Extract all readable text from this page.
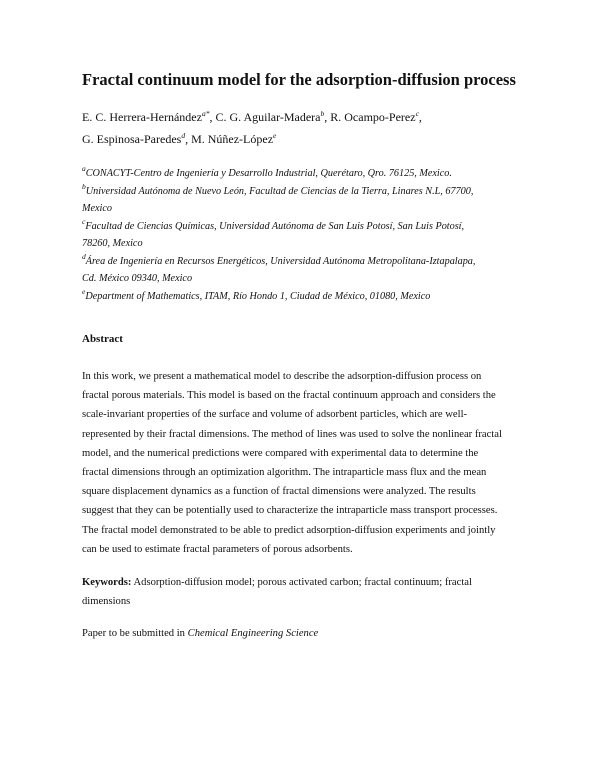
Fractal continuum model for the adsorption-diffusion process
E. C. Herrera-Hernández$^{a*}$, C. G. Aguilar-Madera$^b$, R. Ocampo-Perez$^c$,
G. Espinosa-Paredes$^d$, M. Núñez-López$^e$
$^a$CONACYT-Centro de Ingeniería y Desarrollo Industrial, Querétaro, Qro. 76125, Mexico.
$^b$Universidad Autónoma de Nuevo León, Facultad de Ciencias de la Tierra, Linares N.L, 67700,
Mexico
$^c$Facultad de Ciencias Químicas, Universidad Autónoma de San Luis Potosí, San Luis Potosí,
78260, Mexico
$^d$Área de Ingeniería en Recursos Energéticos, Universidad Autónoma Metropolitana-Iztapalapa,
Cd. México 09340, Mexico
$^e$Department of Mathematics, ITAM, Río Hondo 1, Ciudad de México, 01080, Mexico
Abstract
In this work, we present a mathematical model to describe the adsorption-diffusion process on
fractal porous materials. This model is based on the fractal continuum approach and considers the
scale-invariant properties of the surface and volume of adsorbent particles, which are well-
represented by their fractal dimensions. The method of lines was used to solve the nonlinear fractal
model, and the numerical predictions were compared with experimental data to determine the
fractal dimensions through an optimization algorithm. The intraparticle mass flux and the mean
square displacement dynamics as a function of fractal dimensions were analyzed. The results
suggest that they can be potentially used to characterize the intraparticle mass transport processes.
The fractal model demonstrated to be able to predict adsorption-diffusion experiments and jointly
can be used to estimate fractal parameters of porous adsorbents.
Keywords: Adsorption-diffusion model; porous activated carbon; fractal continuum; fractal
dimensions
Paper to be submitted in Chemical Engineering Science
